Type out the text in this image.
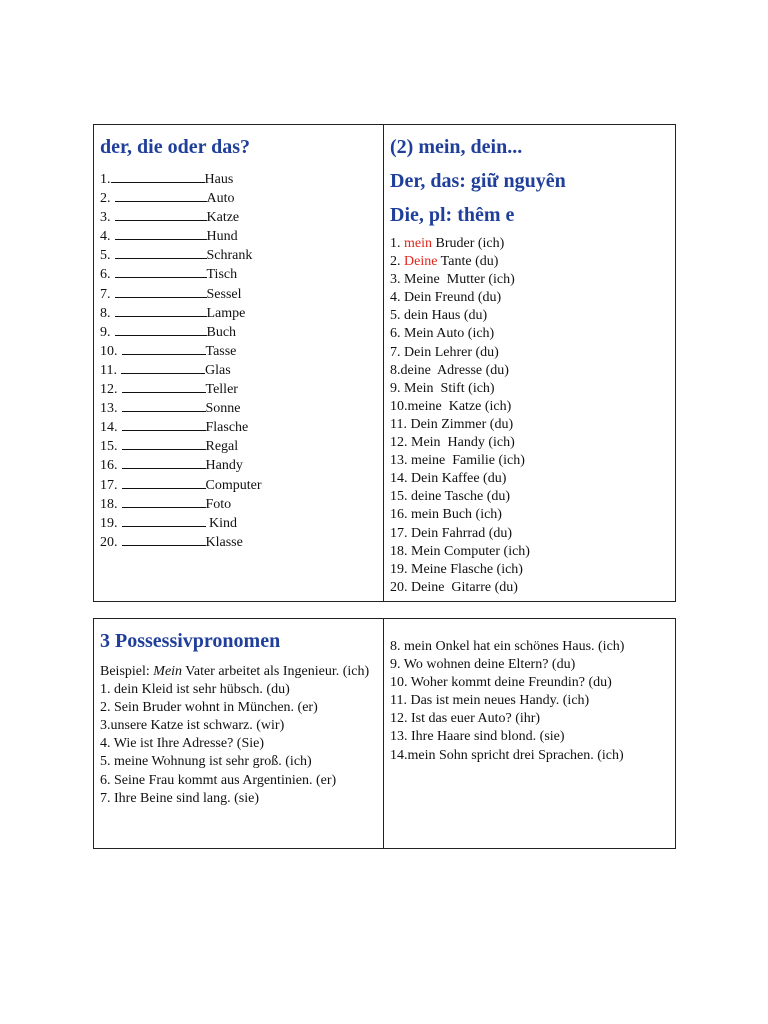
der, die oder das?
1.	Haus
2.	Auto
3.	Katze
4.	Hund
5.	Schrank
6.	Tisch
7.	Sessel
8.	Lampe
9.	Buch
10.	Tasse
11.	Glas
12.	Teller
13.	Sonne
14.	Flasche
15.	Regal
16.	Handy
17.	Computer
18.	Foto
19.	Kind
20.	Klasse
(2) mein, dein...
Der, das: giữ nguyên
Die, pl: thêm e
1. mein Bruder (ich)
2. Deine Tante (du)
3. Meine  Mutter (ich)
4. Dein Freund (du)
5. dein Haus (du)
6. Mein Auto (ich)
7. Dein Lehrer (du)
8.deine  Adresse (du)
9. Mein  Stift (ich)
10.meine  Katze (ich)
11. Dein Zimmer (du)
12. Mein  Handy (ich)
13. meine  Familie (ich)
14. Dein Kaffee (du)
15. deine Tasche (du)
16. mein Buch (ich)
17. Dein Fahrrad (du)
18. Mein Computer (ich)
19. Meine Flasche (ich)
20. Deine  Gitarre (du)
3 Possessivpronomen
Beispiel: Mein Vater arbeitet als Ingenieur. (ich)
1. dein Kleid ist sehr hübsch. (du)
2. Sein Bruder wohnt in München. (er)
3.unsere Katze ist schwarz. (wir)
4. Wie ist Ihre Adresse? (Sie)
5. meine Wohnung ist sehr groß. (ich)
6. Seine Frau kommt aus Argentinien. (er)
7. Ihre Beine sind lang. (sie)
8. mein Onkel hat ein schönes Haus. (ich)
9. Wo wohnen deine Eltern? (du)
10. Woher kommt deine Freundin? (du)
11. Das ist mein neues Handy. (ich)
12. Ist das euer Auto? (ihr)
13. Ihre Haare sind blond. (sie)
14.mein Sohn spricht drei Sprachen. (ich)
